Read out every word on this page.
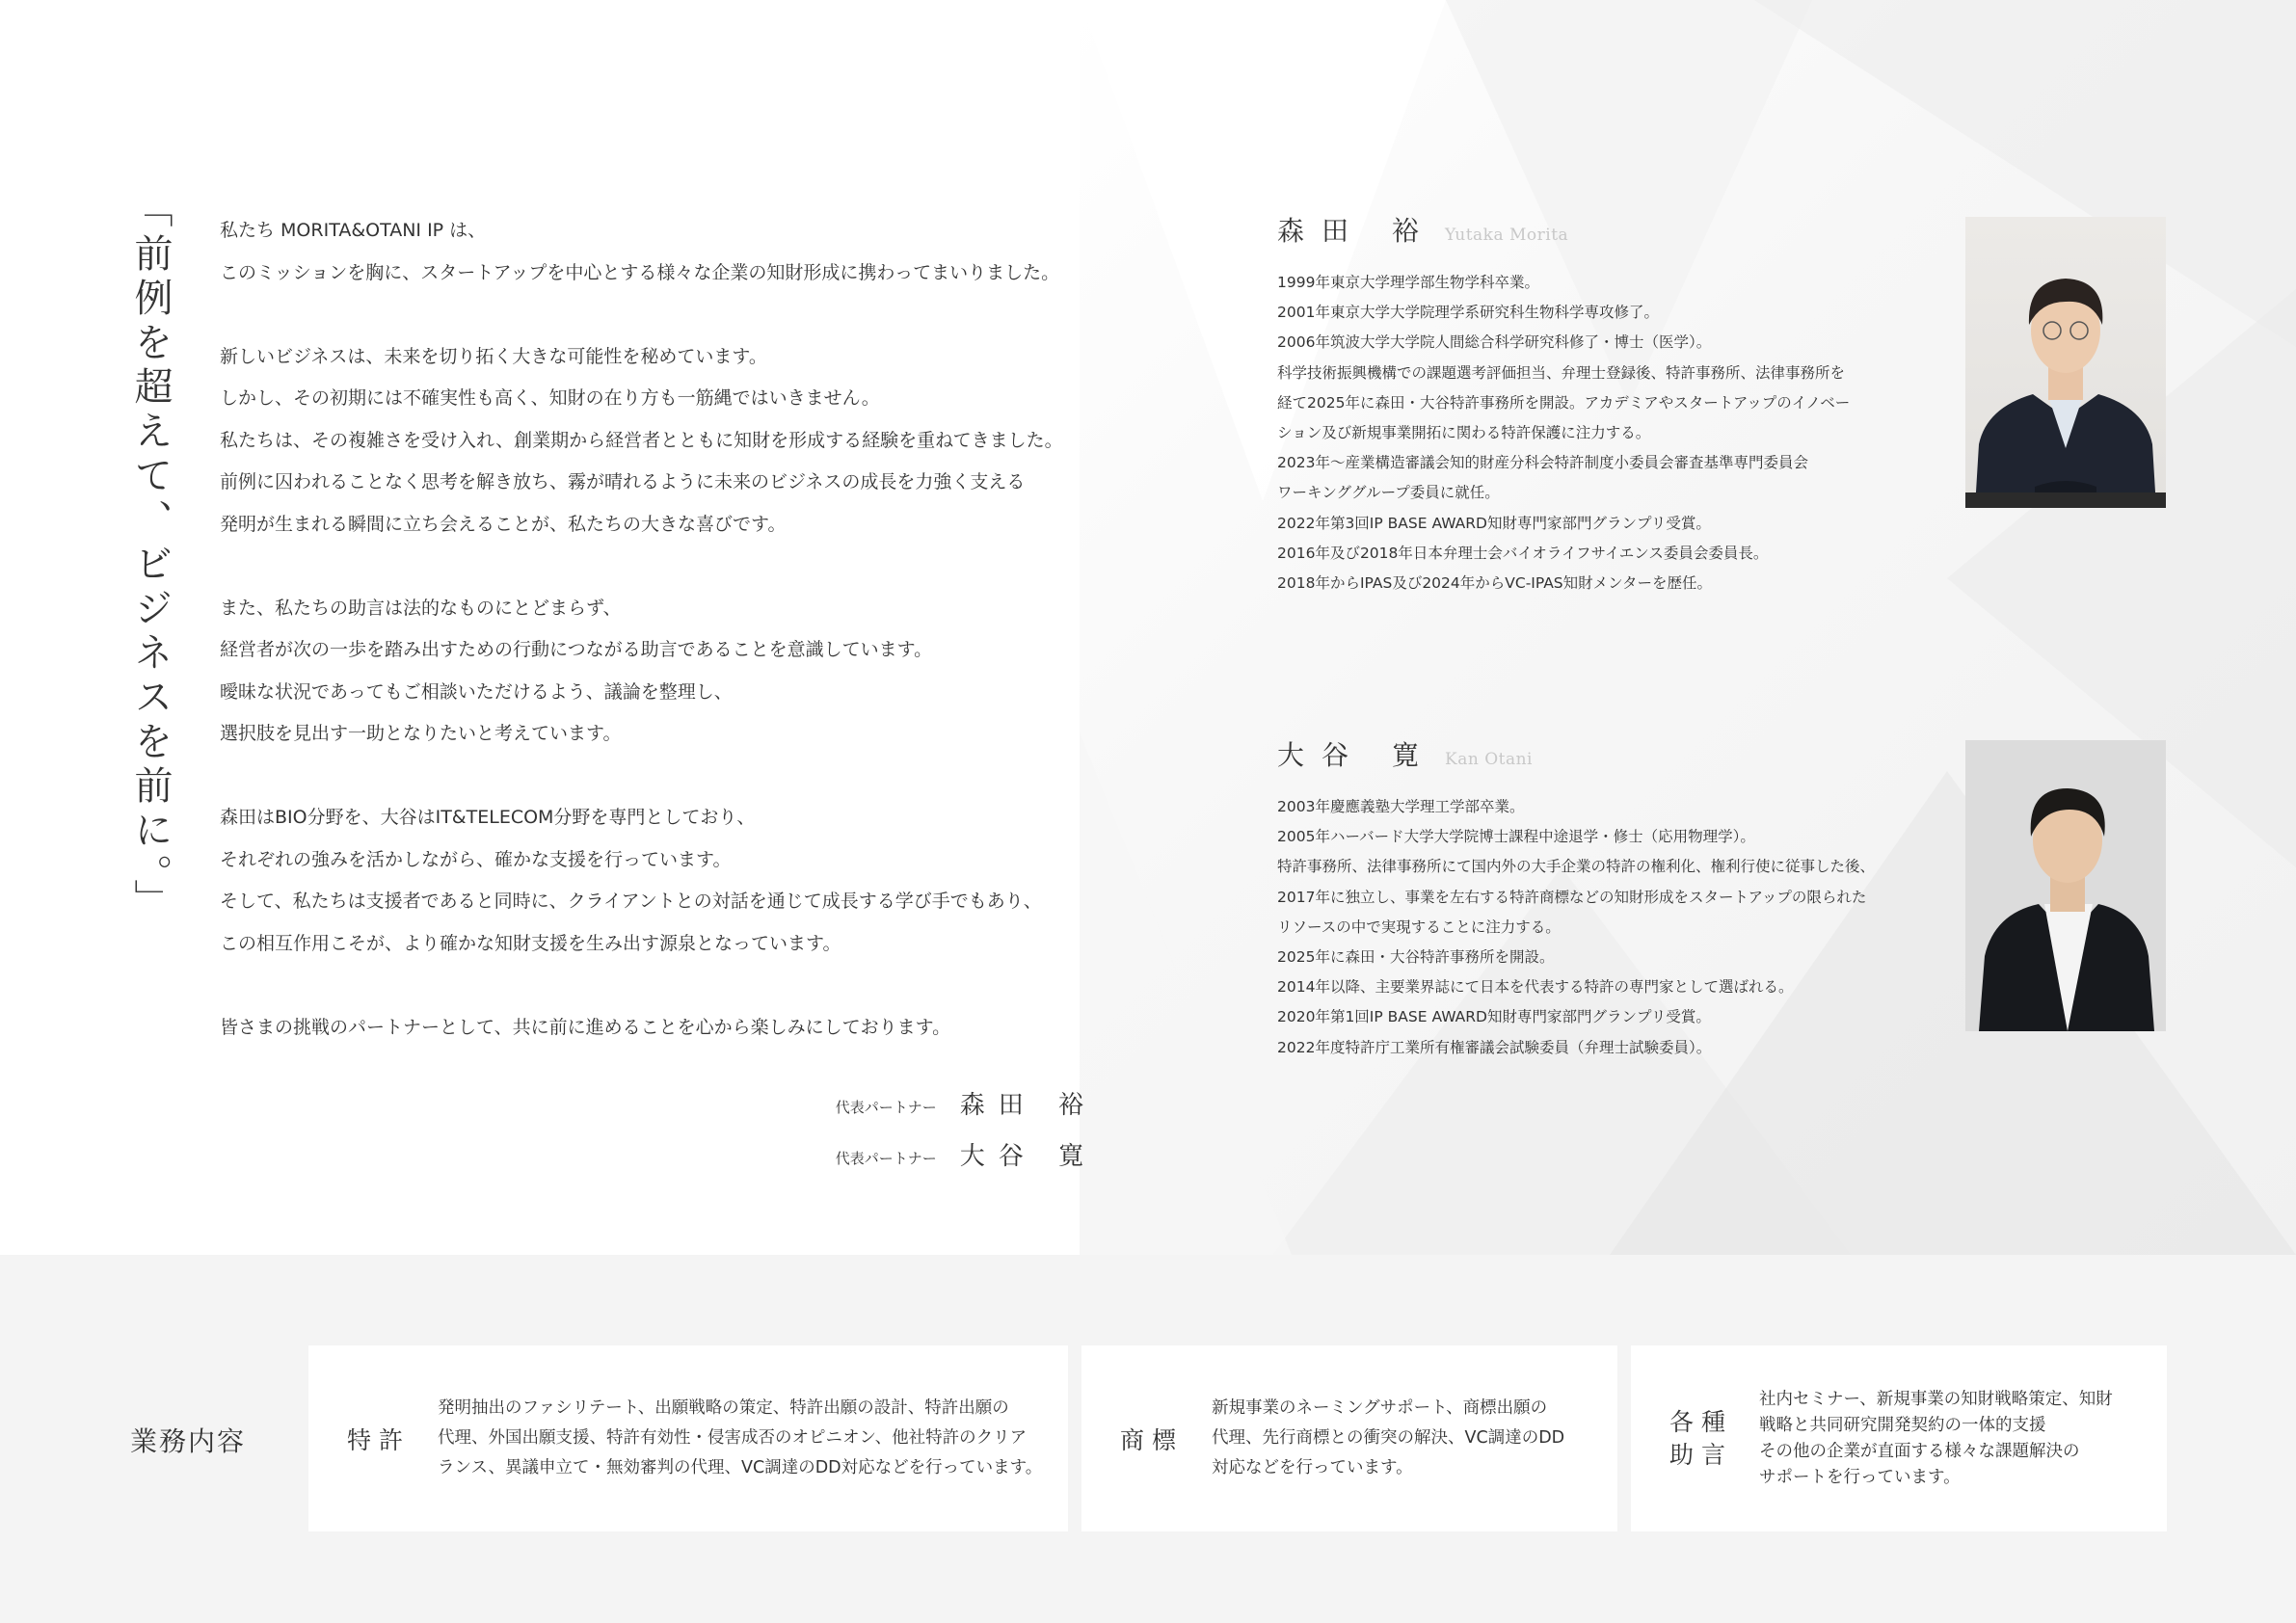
「前例を超えて、ビジネスを前に。」	私たち MORITA&OTANI IP は、

このミッションを胸に、スタートアップを中心とする様々な企業の知財形成に携わってまいりました。

新しいビジネスは、未来を切り拓く大きな可能性を秘めています。

しかし、その初期には不確実性も高く、知財の在り方も一筋縄ではいきません。

私たちは、その複雑さを受け入れ、創業期から経営者とともに知財を形成する経験を重ねてきました。

前例に囚われることなく思考を解き放ち、霧が晴れるように未来のビジネスの成長を力強く支える

発明が生まれる瞬間に立ち会えることが、私たちの大きな喜びです。

また、私たちの助言は法的なものにとどまらず、

経営者が次の一歩を踏み出すための行動につながる助言であることを意識しています。

曖昧な状況であってもご相談いただけるよう、議論を整理し、

選択肢を見出す一助となりたいと考えています。

森田はBIO分野を、大谷はIT&TELECOM分野を専門としており、

それぞれの強みを活かしながら、確かな支援を行っています。

そして、私たちは支援者であると同時に、クライアントとの対話を通じて成長する学び手でもあり、

この相互作用こそが、より確かな知財支援を生み出す源泉となっています。

皆さまの挑戦のパートナーとして、共に前に進めることを心から楽しみにしております。

代表パートナー 森田 裕
代表パートナー 大谷 寛
森田 裕 Yutaka Morita
1999年東京大学理学部生物学科卒業。
2001年東京大学大学院理学系研究科生物科学専攻修了。
2006年筑波大学大学院人間総合科学研究科修了・博士（医学）。
科学技術振興機構での課題選考評価担当、弁理士登録後、特許事務所、法律事務所を
経て2025年に森田・大谷特許事務所を開設。アカデミアやスタートアップのイノベー
ション及び新規事業開拓に関わる特許保護に注力する。
2023年～産業構造審議会知的財産分科会特許制度小委員会審査基準専門委員会
ワーキンググループ委員に就任。
2022年第3回IP BASE AWARD知財専門家部門グランプリ受賞。
2016年及び2018年日本弁理士会バイオライフサイエンス委員会委員長。
2018年からIPAS及び2024年からVC-IPAS知財メンターを歴任。
大谷 寛 Kan Otani
2003年慶應義塾大学理工学部卒業。
2005年ハーバード大学大学院博士課程中途退学・修士（応用物理学）。
特許事務所、法律事務所にて国内外の大手企業の特許の権利化、権利行使に従事した後、
2017年に独立し、事業を左右する特許商標などの知財形成をスタートアップの限られた
リソースの中で実現することに注力する。
2025年に森田・大谷特許事務所を開設。
2014年以降、主要業界誌にて日本を代表する特許の専門家として選ばれる。
2020年第1回IP BASE AWARD知財専門家部門グランプリ受賞。
2022年度特許庁工業所有権審議会試験委員（弁理士試験委員）。
業務内容	特許
発明抽出のファシリテート、出願戦略の策定、特許出願の設計、特許出願の
代理、外国出願支援、特許有効性・侵害成否のオピニオン、他社特許のクリア
ランス、異議申立て・無効審判の代理、VC調達のDD対応などを行っています。
商標
新規事業のネーミングサポート、商標出願の
代理、先行商標との衝突の解決、VC調達のDD
対応などを行っています。
各種
助言
社内セミナー、新規事業の知財戦略策定、知財
戦略と共同研究開発契約の一体的支援
その他の企業が直面する様々な課題解決の
サポートを行っています。
